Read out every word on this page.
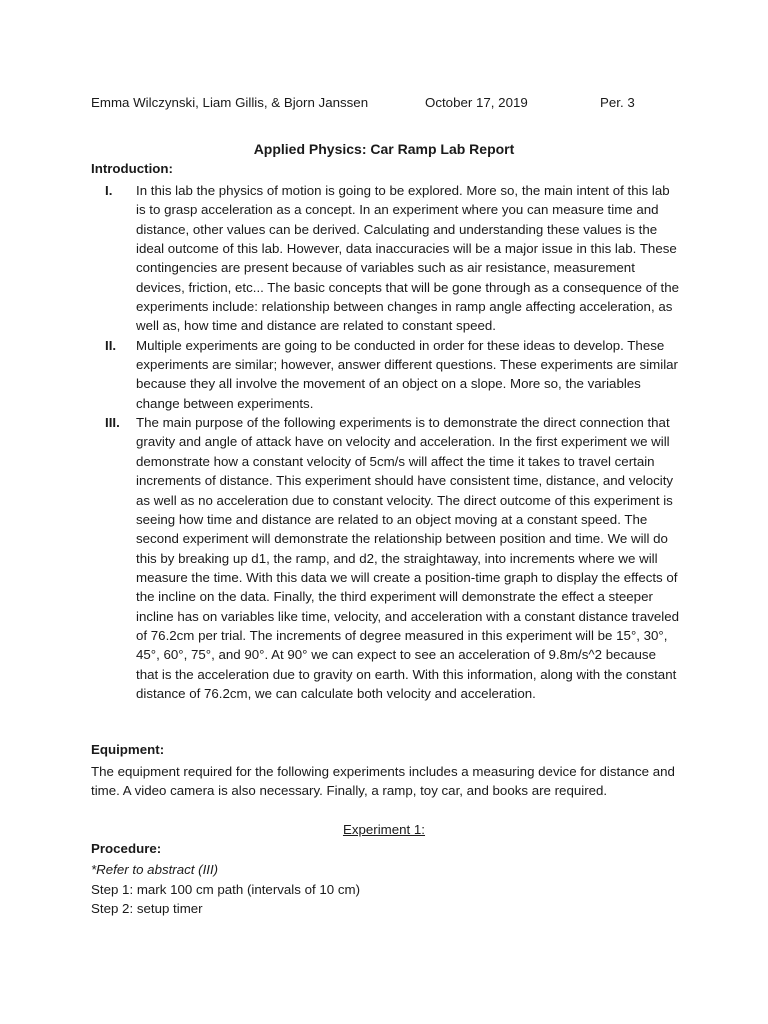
Emma Wilczynski, Liam Gillis, & Bjorn Janssen	October 17, 2019	Per. 3
Applied Physics: Car Ramp Lab Report
Introduction:
I. In this lab the physics of motion is going to be explored. More so, the main intent of this lab is to grasp acceleration as a concept. In an experiment where you can measure time and distance, other values can be derived. Calculating and understanding these values is the ideal outcome of this lab. However, data inaccuracies will be a major issue in this lab. These contingencies are present because of variables such as air resistance, measurement devices, friction, etc... The basic concepts that will be gone through as a consequence of the experiments include: relationship between changes in ramp angle affecting acceleration, as well as, how time and distance are related to constant speed.
II. Multiple experiments are going to be conducted in order for these ideas to develop. These experiments are similar; however, answer different questions. These experiments are similar because they all involve the movement of an object on a slope. More so, the variables change between experiments.
III. The main purpose of the following experiments is to demonstrate the direct connection that gravity and angle of attack have on velocity and acceleration. In the first experiment we will demonstrate how a constant velocity of 5cm/s will affect the time it takes to travel certain increments of distance. This experiment should have consistent time, distance, and velocity as well as no acceleration due to constant velocity. The direct outcome of this experiment is seeing how time and distance are related to an object moving at a constant speed. The second experiment will demonstrate the relationship between position and time. We will do this by breaking up d1, the ramp, and d2, the straightaway, into increments where we will measure the time. With this data we will create a position-time graph to display the effects of the incline on the data. Finally, the third experiment will demonstrate the effect a steeper incline has on variables like time, velocity, and acceleration with a constant distance traveled of 76.2cm per trial. The increments of degree measured in this experiment will be 15°, 30°, 45°, 60°, 75°, and 90°. At 90° we can expect to see an acceleration of 9.8m/s^2 because that is the acceleration due to gravity on earth. With this information, along with the constant distance of 76.2cm, we can calculate both velocity and acceleration.
Equipment:
The equipment required for the following experiments includes a measuring device for distance and time. A video camera is also necessary. Finally, a ramp, toy car, and books are required.
Experiment 1:
Procedure:
*Refer to abstract (III)
Step 1: mark 100 cm path (intervals of 10 cm)
Step 2: setup timer
